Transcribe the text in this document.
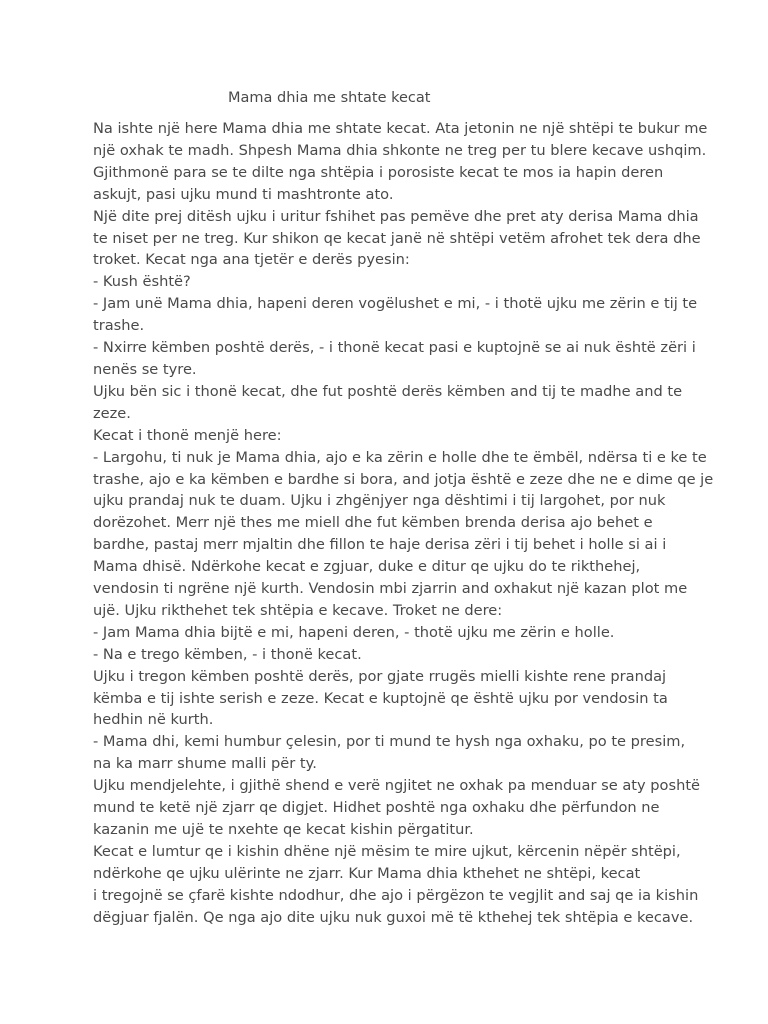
Mama dhia me shtate kecat
Na ishte një here Mama dhia me shtate kecat. Ata jetonin ne një shtëpi te bukur me
një oxhak te madh. Shpesh Mama dhia shkonte ne treg per tu blere kecave ushqim.
Gjithmonë para se te dilte nga shtëpia i porosiste kecat te mos ia hapin deren
askujt, pasi ujku mund ti mashtronte ato.
Një dite prej ditësh ujku i uritur fshihet pas pemëve dhe pret aty derisa Mama dhia
te niset per ne treg. Kur shikon qe kecat janë në shtëpi vetëm afrohet tek dera dhe
troket. Kecat nga ana tjetër e derës pyesin:
- Kush është?
- Jam unë Mama dhia, hapeni deren vogëlushet e mi, - i thotë ujku me zërin e tij te
trashe.
- Nxirre këmben poshtë derës, - i thonë kecat pasi e kuptojnë se ai nuk është zëri i
nenës se tyre.
Ujku bën sic i thonë kecat, dhe fut poshtë derës këmben and tij te madhe and te
zeze.
Kecat i thonë menjë here:
- Largohu, ti nuk je Mama dhia, ajo e ka zërin e holle dhe te ëmbël, ndërsa ti e ke te
trashe, ajo e ka këmben e bardhe si bora, and jotja është e zeze dhe ne e dime qe je
ujku prandaj nuk te duam. Ujku i zhgënjyer nga dështimi i tij largohet, por nuk
dorëzohet. Merr një thes me miell dhe fut këmben brenda derisa ajo behet e
bardhe, pastaj merr mjaltin dhe fillon te haje derisa zëri i tij behet i holle si ai i
Mama dhisë. Ndërkohe kecat e zgjuar, duke e ditur qe ujku do te rikthehej,
vendosin ti ngrëne një kurth. Vendosin mbi zjarrin and oxhakut një kazan plot me
ujë. Ujku rikthehet tek shtëpia e kecave. Troket ne dere:
- Jam Mama dhia bijtë e mi, hapeni deren, - thotë ujku me zërin e holle.
- Na e trego këmben, - i thonë kecat.
Ujku i tregon këmben poshtë derës, por gjate rrugës mielli kishte rene prandaj
këmba e tij ishte serish e zeze. Kecat e kuptojnë qe është ujku por vendosin ta
hedhin në kurth.
- Mama dhi, kemi humbur çelesin, por ti mund te hysh nga oxhaku, po te presim,
na ka marr shume malli për ty.
Ujku mendjelehte, i gjithë shend e verë ngjitet ne oxhak pa menduar se aty poshtë
mund te ketë një zjarr qe digjet. Hidhet poshtë nga oxhaku dhe përfundon ne
kazanin me ujë te nxehte qe kecat kishin përgatitur.
Kecat e lumtur qe i kishin dhëne një mësim te mire ujkut, kërcenin nëpër shtëpi,
ndërkohe qe ujku ulërinte ne zjarr. Kur Mama dhia kthehet ne shtëpi, kecat
i tregojnë se çfarë kishte ndodhur, dhe ajo i përgëzon te vegjlit and saj qe ia kishin
dëgjuar fjalën. Qe nga ajo dite ujku nuk guxoi më të kthehej tek shtëpia e kecave.
